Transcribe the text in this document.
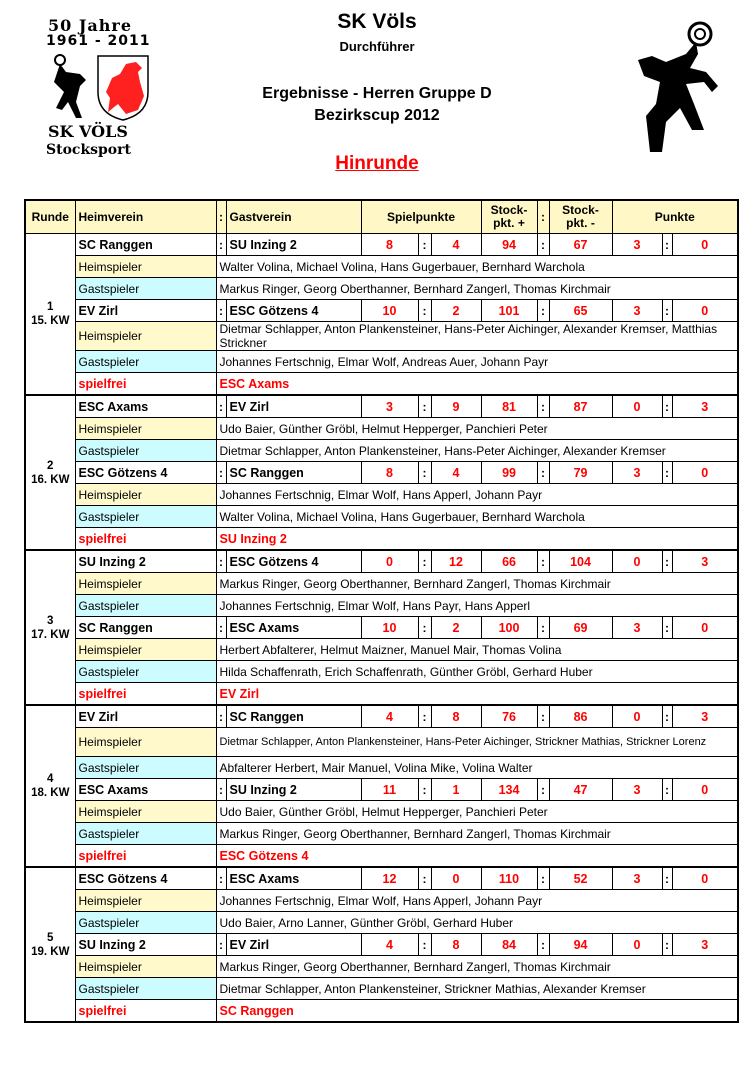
50 Jahre
1961 - 2011
SK VÖLS
Stocksport
SK Völs
Durchführer
Ergebnisse - Herren Gruppe D
Bezirkscup 2012
Hinrunde
Runde	Heimverein	:	Gastverein	Spielpunkte			Stock-
pkt. +	:	Stock-
pkt. -	Punkte		
1
15. KW	SC Ranggen	:	SU Inzing 2	8	:	4	94	:	67	3	:	0
	Heimspieler	Walter Volina, Michael Volina, Hans Gugerbauer, Bernhard Warchola										
	Gastspieler	Markus Ringer, Georg Oberthanner, Bernhard Zangerl, Thomas Kirchmair										
	EV Zirl	:	ESC Götzens 4	10	:	2	101	:	65	3	:	0
	Heimspieler	Dietmar Schlapper, Anton Plankensteiner, Hans-Peter Aichinger, Alexander Kremser, Matthias Strickner										
	Gastspieler	Johannes Fertschnig, Elmar Wolf, Andreas Auer, Johann Payr										
	spielfrei	ESC Axams										
2
16. KW	ESC Axams	:	EV Zirl	3	:	9	81	:	87	0	:	3
	Heimspieler	Udo Baier, Günther Gröbl, Helmut Hepperger, Panchieri Peter										
	Gastspieler	Dietmar Schlapper, Anton Plankensteiner, Hans-Peter Aichinger, Alexander Kremser										
	ESC Götzens 4	:	SC Ranggen	8	:	4	99	:	79	3	:	0
	Heimspieler	Johannes Fertschnig, Elmar Wolf, Hans Apperl, Johann Payr										
	Gastspieler	Walter Volina, Michael Volina, Hans Gugerbauer, Bernhard Warchola										
	spielfrei	SU Inzing 2										
3
17. KW	SU Inzing 2	:	ESC Götzens 4	0	:	12	66	:	104	0	:	3
	Heimspieler	Markus Ringer, Georg Oberthanner, Bernhard Zangerl, Thomas Kirchmair										
	Gastspieler	Johannes Fertschnig, Elmar Wolf, Hans Payr, Hans Apperl										
	SC Ranggen	:	ESC Axams	10	:	2	100	:	69	3	:	0
	Heimspieler	Herbert Abfalterer, Helmut Maizner, Manuel Mair, Thomas Volina										
	Gastspieler	Hilda Schaffenrath, Erich Schaffenrath, Günther Gröbl, Gerhard Huber										
	spielfrei	EV Zirl										
4
18. KW	EV Zirl	:	SC Ranggen	4	:	8	76	:	86	0	:	3
	Heimspieler	Dietmar Schlapper, Anton Plankensteiner, Hans-Peter Aichinger, Strickner Mathias, Strickner Lorenz										
	Gastspieler	Abfalterer Herbert, Mair Manuel, Volina Mike, Volina Walter										
	ESC Axams	:	SU Inzing 2	11	:	1	134	:	47	3	:	0
	Heimspieler	Udo Baier, Günther Gröbl, Helmut Hepperger, Panchieri Peter										
	Gastspieler	Markus Ringer, Georg Oberthanner, Bernhard Zangerl, Thomas Kirchmair										
	spielfrei	ESC Götzens 4										
5
19. KW	ESC Götzens 4	:	ESC Axams	12	:	0	110	:	52	3	:	0
	Heimspieler	Johannes Fertschnig, Elmar Wolf, Hans Apperl, Johann Payr										
	Gastspieler	Udo Baier, Arno Lanner, Günther Gröbl, Gerhard Huber										
	SU Inzing 2	:	EV Zirl	4	:	8	84	:	94	0	:	3
	Heimspieler	Markus Ringer, Georg Oberthanner, Bernhard Zangerl, Thomas Kirchmair										
	Gastspieler	Dietmar Schlapper, Anton Plankensteiner, Strickner Mathias, Alexander Kremser										
	spielfrei	SC Ranggen										
